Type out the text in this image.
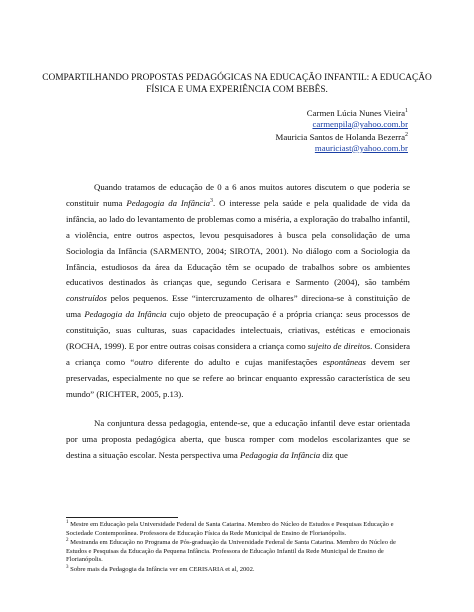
COMPARTILHANDO PROPOSTAS PEDAGÓGICAS NA EDUCAÇÃO INFANTIL: A EDUCAÇÃO FÍSICA E UMA EXPERIÊNCIA COM BEBÊS.
Carmen Lúcia Nunes Vieira$^1$
carmenpila@yahoo.com.br
Mauricia Santos de Holanda Bezerra$^2$
mauriciast@yahoo.com.br

Quando tratamos de educação de 0 a 6 anos muitos autores discutem o que poderia se constituir numa Pedagogia da Infância$^3$. O interesse pela saúde e pela qualidade de vida da infância, ao lado do levantamento de problemas como a miséria, a exploração do trabalho infantil, a violência, entre outros aspectos, levou pesquisadores à busca pela consolidação de uma Sociologia da Infância (SARMENTO, 2004; SIROTA, 2001). No diálogo com a Sociologia da Infância, estudiosos da área da Educação têm se ocupado de trabalhos sobre os ambientes educativos destinados às crianças que, segundo Cerisara e Sarmento (2004), são também construídos pelos pequenos. Esse “intercruzamento de olhares” direciona-se à constituição de uma Pedagogia da Infância cujo objeto de preocupação é a própria criança: seus processos de constituição, suas culturas, suas capacidades intelectuais, criativas, estéticas e emocionais (ROCHA, 1999). E por entre outras coisas considera a criança como sujeito de direitos. Considera a criança como “outro diferente do adulto e cujas manifestações espontâneas devem ser preservadas, especialmente no que se refere ao brincar enquanto expressão característica de seu mundo” (RICHTER, 2005, p.13).

Na conjuntura dessa pedagogia, entende-se, que a educação infantil deve estar orientada por uma proposta pedagógica aberta, que busca romper com modelos escolarizantes que se destina a situação escolar. Nesta perspectiva uma Pedagogia da Infância diz que

$^1$ Mestre em Educação pela Universidade Federal de Santa Catarina. Membro do Núcleo de Estudos e Pesquisas Educação e Sociedade Contemporânea. Professora de Educação Física da Rede Municipal de Ensino de Florianópolis.
$^2$ Mestranda em Educação no Programa de Pós-graduação da Universidade Federal de Santa Catarina. Membro do Núcleo de Estudos e Pesquisas da Educação da Pequena Infância. Professora de Educação Infantil da Rede Municipal de Ensino de Florianópolis.
$^3$ Sobre mais da Pedagogia da Infância ver em CERISARIA et al, 2002.
